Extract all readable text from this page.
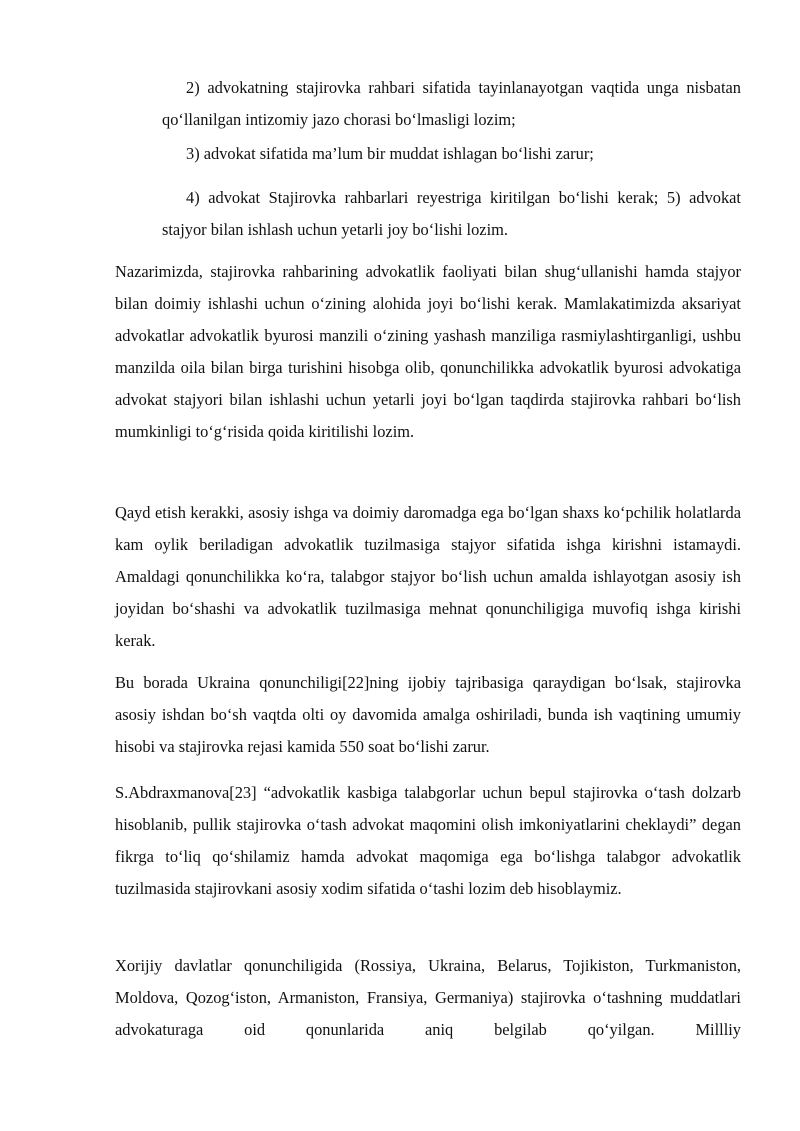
2) advokatning stajirovka rahbari sifatida tayinlanayotgan vaqtida unga nisbatan qo‘llanilgan intizomiy jazo chorasi bo‘lmasligi lozim;
3) advokat sifatida ma’lum bir muddat ishlagan bo‘lishi zarur;
4) advokat Stajirovka rahbarlari reyestriga kiritilgan bo‘lishi kerak; 5) advokat stajyor bilan ishlash uchun yetarli joy bo‘lishi lozim.
Nazarimizda, stajirovka rahbarining advokatlik faoliyati bilan shug‘ullanishi hamda stajyor bilan doimiy ishlashi uchun o‘zining alohida joyi bo‘lishi kerak. Mamlakatimizda aksariyat advokatlar advokatlik byurosi manzili o‘zining yashash manziliga rasmiylashtirganligi, ushbu manzilda oila bilan birga turishini hisobga olib, qonunchilikka advokatlik byurosi advokatiga advokat stajyori bilan ishlashi uchun yetarli joyi bo‘lgan taqdirda stajirovka rahbari bo‘lish mumkinligi to‘g‘risida qoida kiritilishi lozim.
Qayd etish kerakki, asosiy ishga va doimiy daromadga ega bo‘lgan shaxs ko‘pchilik holatlarda kam oylik beriladigan advokatlik tuzilmasiga stajyor sifatida ishga kirishni istamaydi. Amaldagi qonunchilikka ko‘ra, talabgor stajyor bo‘lish uchun amalda ishlayotgan asosiy ish joyidan bo‘shashi va advokatlik tuzilmasiga mehnat qonunchiligiga muvofiq ishga kirishi kerak.
Bu borada Ukraina qonunchiligi[22]ning ijobiy tajribasiga qaraydigan bo‘lsak, stajirovka asosiy ishdan bo‘sh vaqtda olti oy davomida amalga oshiriladi, bunda ish vaqtining umumiy hisobi va stajirovka rejasi kamida 550 soat bo‘lishi zarur.
S.Abdraxmanova[23] “advokatlik kasbiga talabgorlar uchun bepul stajirovka o‘tash dolzarb hisoblanib, pullik stajirovka o‘tash advokat maqomini olish imkoniyatlarini cheklaydi” degan fikrga to‘liq qo‘shilamiz hamda advokat maqomiga ega bo‘lishga talabgor advokatlik tuzilmasida stajirovkani asosiy xodim sifatida o‘tashi lozim deb hisoblaymiz.
Xorijiy davlatlar qonunchiligida (Rossiya, Ukraina, Belarus, Tojikiston, Turkmaniston, Moldova, Qozog‘iston, Armaniston, Fransiya, Germaniya) stajirovka o‘tashning muddatlari advokaturaga oid qonunlarida aniq belgilab qo‘yilgan. Millliy
